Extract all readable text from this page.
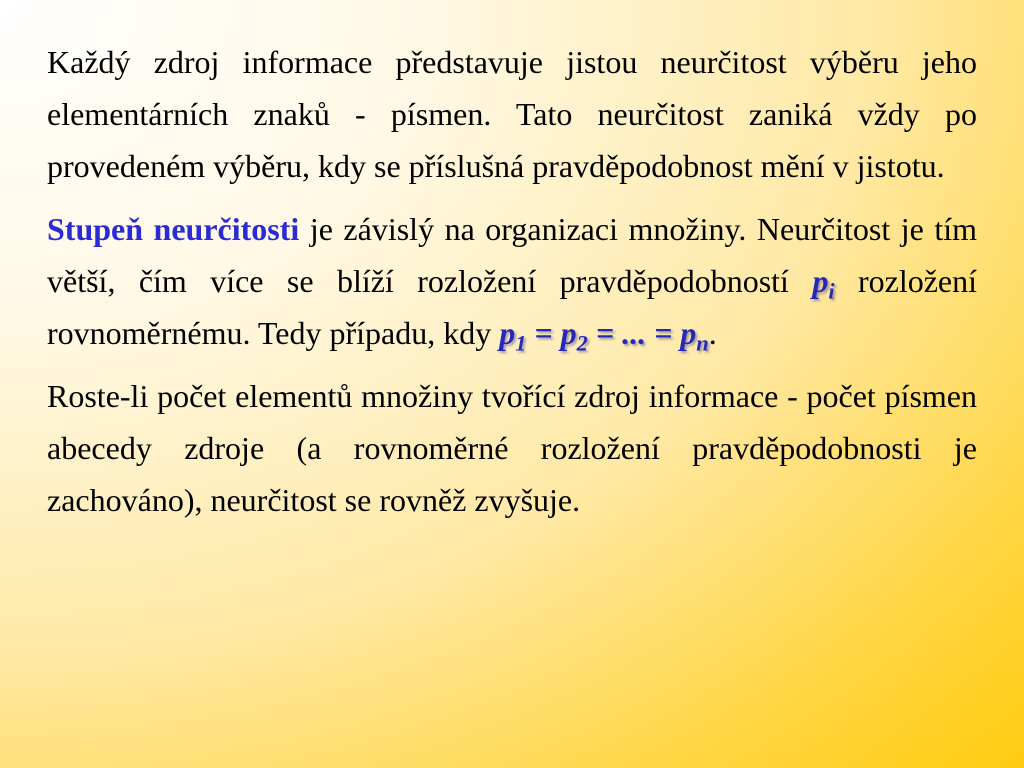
Každý zdroj informace představuje jistou neurčitost výběru jeho elementárních znaků - písmen. Tato neurčitost zaniká vždy po provedeném výběru, kdy se příslušná pravděpodobnost mění v jistotu.

Stupeň neurčitosti je závislý na organizaci množiny. Neurčitost je tím větší, čím více se blíží rozložení pravděpodobností $p_i$ rozložení rovnoměrnému. Tedy případu, kdy $p_1 = p_2$ = ... = $p_n$.

Roste-li počet elementů množiny tvořící zdroj informace - počet písmen abecedy zdroje (a rovnoměrné rozložení pravděpodobnosti je zachováno), neurčitost se rovněž zvyšuje.
